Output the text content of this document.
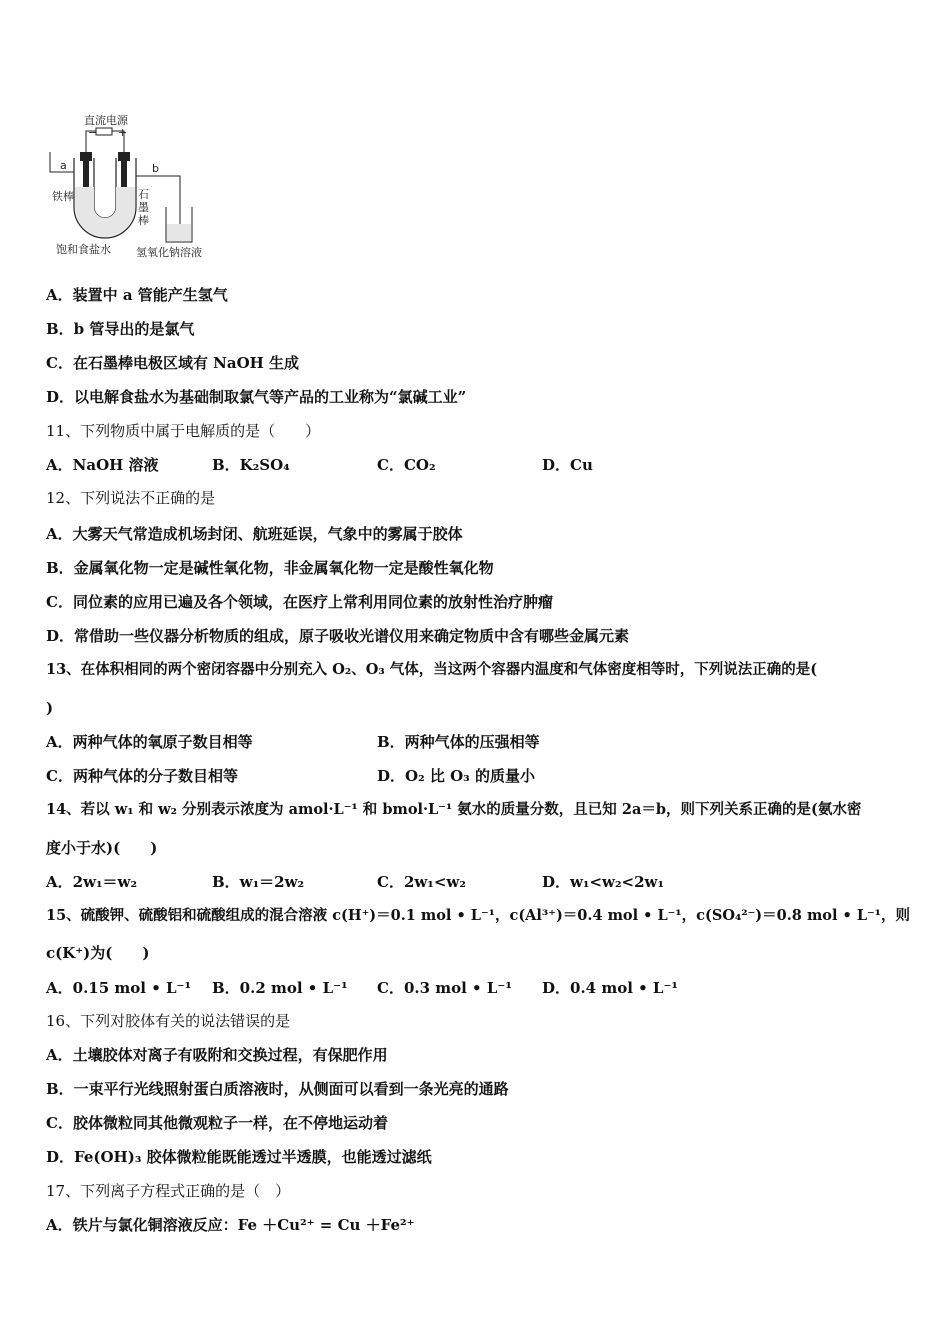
直流电源
− +
a	b
铁棒	石
墨
棒
饱和食盐水 氢氧化钠溶液
A．装置中 a 管能产生氢气
B．b 管导出的是氯气
C．在石墨棒电极区域有 NaOH 生成
D．以电解食盐水为基础制取氯气等产品的工业称为“氯碱工业”
11、下列物质中属于电解质的是（　　）
A．NaOH 溶液	B．K₂SO₄	C．CO₂	D．Cu
12、下列说法不正确的是
A．大雾天气常造成机场封闭、航班延误，气象中的雾属于胶体
B．金属氧化物一定是碱性氧化物，非金属氧化物一定是酸性氧化物
C．同位素的应用已遍及各个领域，在医疗上常利用同位素的放射性治疗肿瘤
D．常借助一些仪器分析物质的组成，原子吸收光谱仪用来确定物质中含有哪些金属元素
13、在体积相同的两个密闭容器中分别充入 O₂、O₃ 气体，当这两个容器内温度和气体密度相等时，下列说法正确的是(
)
A．两种气体的氧原子数目相等	B．两种气体的压强相等
C．两种气体的分子数目相等	D．O₂ 比 O₃ 的质量小
14、若以 w₁ 和 w₂ 分别表示浓度为 amol·L⁻¹ 和 bmol·L⁻¹ 氨水的质量分数，且已知 2a＝b，则下列关系正确的是(氨水密
度小于水)(　　)
A．2w₁＝w₂	B．w₁＝2w₂	C．2w₁<w₂	D．w₁<w₂<2w₁
15、硫酸钾、硫酸铝和硫酸组成的混合溶液 c(H⁺)＝0.1 mol • L⁻¹，c(Al³⁺)＝0.4 mol • L⁻¹，c(SO₄²⁻)＝0.8 mol • L⁻¹，则
c(K⁺)为(　　)
A．0.15 mol • L⁻¹ B．0.2 mol • L⁻¹ C．0.3 mol • L⁻¹ D．0.4 mol • L⁻¹
16、下列对胶体有关的说法错误的是
A．土壤胶体对离子有吸附和交换过程，有保肥作用
B．一束平行光线照射蛋白质溶液时，从侧面可以看到一条光亮的通路
C．胶体微粒同其他微观粒子一样，在不停地运动着
D．Fe(OH)₃ 胶体微粒能既能透过半透膜，也能透过滤纸
17、下列离子方程式正确的是（　）
A．铁片与氯化铜溶液反应：Fe ＋Cu²⁺ = Cu ＋Fe²⁺
